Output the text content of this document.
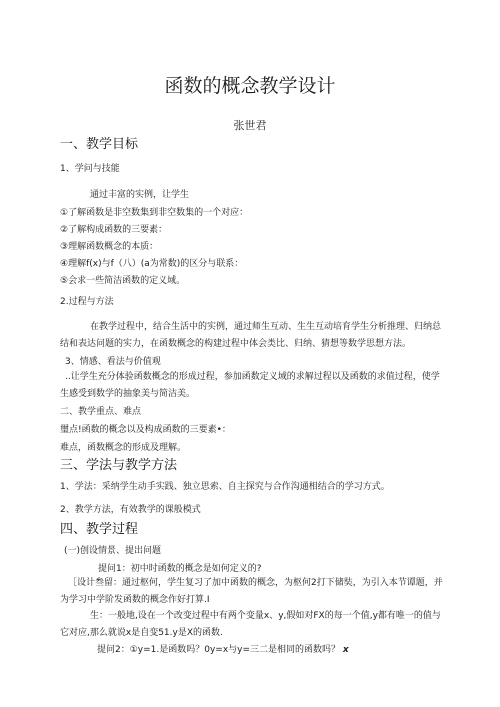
函数的概念教学设计
张世君
一、教学目标
1、学问与技能
通过丰富的实例，让学生
①了解函数是非空数集到非空数集的一个对应：
②了解构成函数的三要素：
③理解函数概念的本质：
④理解f(x)与f（八）(a为常数)的区分与联系：
⑤会求一些简洁函数的定义域。
2.过程与方法
在教学过程中，结合生活中的实例，通过师生互动、生生互动培育学生分析推理、归纳总结和表达问题的实力，在函数概念的构建过程中体会类比、归纳、猜想等数学思想方法。
3、情感、看法与价值观
..让学生充分体验函数概念的形成过程，参加函数定义域的求解过程以及函数的求值过程，使学生感受到数学的抽象美与简洁美。
二、教学重点、难点
璽点!函数的概念以及构成函数的三要素•：
难点，函数概念的形成及理解。
三、学法与教学方法
1、学法：采纳学生动手实践、独立思索、自主探究与合作沟通相结合的学习方式。
2、教学方法，有效教学的课般模式
四、教学过程
(一)创设情景、提出问题
提问1：初中时函数的概念是如何定义的?
［设计叁留：通过枢何，学生复习了加中函数的概念，为枢何2打下储奘，为引入本节谭题，并为学习中学阶发函数的概念作好打算.I
生：一般地,设在一个改变过程中有两个变量x、y,假如对FX的每一个值,y都有唯一的值与它对应,那么就说x是自变51.y是X的函数.
提问2：①y=1.是函数吗？0y=x与y=三二是相同的函数吗？ x
